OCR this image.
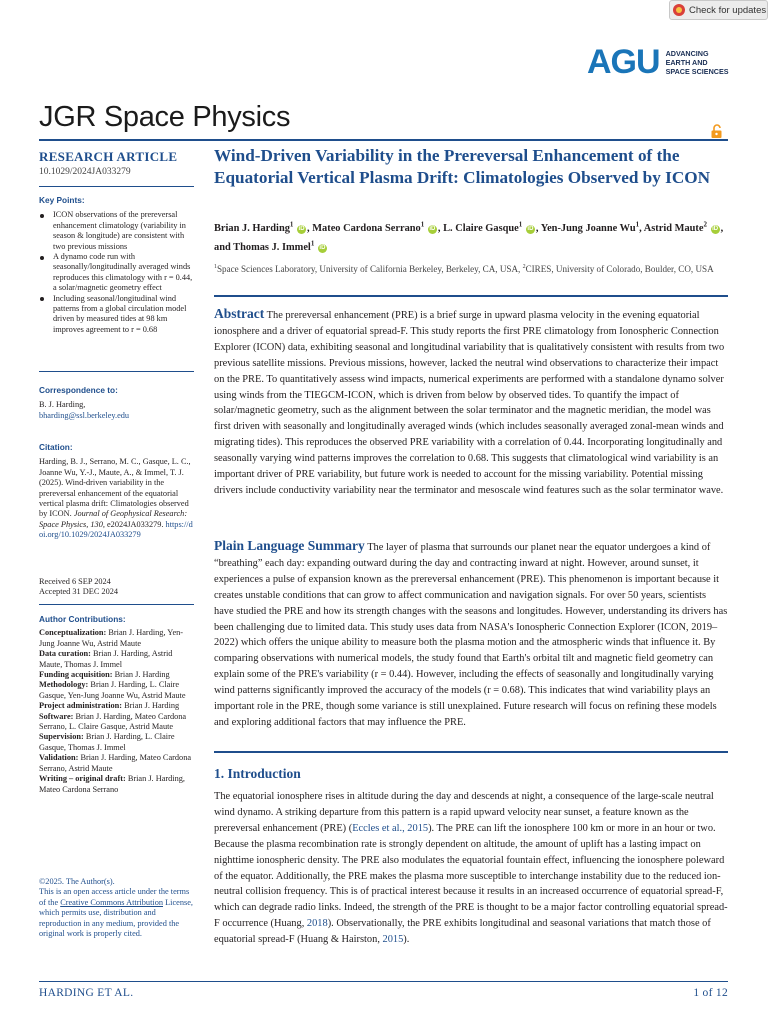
Check for updates
AGU ADVANCING
EARTH AND
SPACE SCIENCES
JGR Space Physics
RESEARCH ARTICLE
10.1029/2024JA033279
Key Points:
ICON observations of the prereversal enhancement climatology (variability in season & longitude) are consistent with two previous missions
A dynamo code run with seasonally/longitudinally averaged winds reproduces this climatology with r = 0.44, a solar/magnetic geometry effect
Including seasonal/longitudinal wind patterns from a global circulation model driven by measured tides at 98 km improves agreement to r = 0.68
Correspondence to:
B. J. Harding,
bharding@ssl.berkeley.edu
Citation:
Harding, B. J., Serrano, M. C., Gasque, L. C., Joanne Wu, Y.-J., Maute, A., & Immel, T. J. (2025). Wind-driven variability in the prereversal enhancement of the equatorial vertical plasma drift: Climatologies observed by ICON. Journal of Geophysical Research: Space Physics, 130, e2024JA033279. https://doi.org/10.1029/2024JA033279
Received 6 SEP 2024
Accepted 31 DEC 2024
Author Contributions:
Conceptualization: Brian J. Harding, Yen-Jung Joanne Wu, Astrid Maute
Data curation: Brian J. Harding, Astrid Maute, Thomas J. Immel
Funding acquisition: Brian J. Harding
Methodology: Brian J. Harding, L. Claire Gasque, Yen-Jung Joanne Wu, Astrid Maute
Project administration: Brian J. Harding
Software: Brian J. Harding, Mateo Cardona Serrano, L. Claire Gasque, Astrid Maute
Supervision: Brian J. Harding, L. Claire Gasque, Thomas J. Immel
Validation: Brian J. Harding, Mateo Cardona Serrano, Astrid Maute
Writing – original draft: Brian J. Harding, Mateo Cardona Serrano
©2025. The Author(s).
This is an open access article under the terms of the Creative Commons Attribution License, which permits use, distribution and reproduction in any medium, provided the original work is properly cited.
Wind-Driven Variability in the Prereversal Enhancement of the Equatorial Vertical Plasma Drift: Climatologies Observed by ICON
Brian J. Harding$^1$ iD , Mateo Cardona Serrano$^1$ iD , L. Claire Gasque$^1$ iD , Yen-Jung Joanne Wu$^1$, Astrid Maute$^2$ iD , and Thomas J. Immel$^1$ iD
$^1$Space Sciences Laboratory, University of California Berkeley, Berkeley, CA, USA, $^2$CIRES, University of Colorado, Boulder, CO, USA
Abstract The prereversal enhancement (PRE) is a brief surge in upward plasma velocity in the evening equatorial ionosphere and a driver of equatorial spread-F. This study reports the first PRE climatology from Ionospheric Connection Explorer (ICON) data, exhibiting seasonal and longitudinal variability that is qualitatively consistent with results from two previous satellite missions. Previous missions, however, lacked the neutral wind observations to characterize their impact on the PRE. To quantitatively assess wind impacts, numerical experiments are performed with a standalone dynamo solver using winds from the TIEGCM-ICON, which is driven from below by observed tides. To quantify the impact of solar/magnetic geometry, such as the alignment between the solar terminator and the magnetic meridian, the model was first driven with seasonally and longitudinally averaged winds (which includes seasonally averaged zonal-mean winds and migrating tides). This reproduces the observed PRE variability with a correlation of 0.44. Incorporating longitudinally and seasonally varying wind patterns improves the correlation to 0.68. This suggests that climatological wind variability is an important driver of PRE variability, but future work is needed to account for the missing variability. Potential missing drivers include conductivity variability near the terminator and mesoscale wind features such as the solar terminator wave.
Plain Language Summary The layer of plasma that surrounds our planet near the equator undergoes a kind of “breathing” each day: expanding outward during the day and contracting inward at night. However, around sunset, it experiences a pulse of expansion known as the prereversal enhancement (PRE). This phenomenon is important because it creates unstable conditions that can grow to affect communication and navigation signals. For over 50 years, scientists have studied the PRE and how its strength changes with the seasons and longitudes. However, understanding its drivers has been challenging due to limited data. This study uses data from NASA's Ionospheric Connection Explorer (ICON, 2019–2022) which offers the unique ability to measure both the plasma motion and the atmospheric winds that influence it. By comparing observations with numerical models, the study found that Earth's orbital tilt and magnetic field geometry can explain some of the PRE's variability (r = 0.44). However, including the effects of seasonally and longitudinally varying wind patterns significantly improved the accuracy of the models (r = 0.68). This indicates that wind variability plays an important role in the PRE, though some variance is still unexplained. Future research will focus on refining these models and exploring additional factors that may influence the PRE.
1. Introduction
The equatorial ionosphere rises in altitude during the day and descends at night, a consequence of the large-scale neutral wind dynamo. A striking departure from this pattern is a rapid upward velocity near sunset, a feature known as the prereversal enhancement (PRE) (Eccles et al., 2015). The PRE can lift the ionosphere 100 km or more in an hour or two. Because the plasma recombination rate is strongly dependent on altitude, the amount of uplift has a lasting impact on nighttime ionospheric density. The PRE also modulates the equatorial fountain effect, influencing the ionosphere poleward of the equator. Additionally, the PRE makes the plasma more susceptible to interchange instability due to the reduced ion-neutral collision frequency. This is of practical interest because it results in an increased occurrence of equatorial spread-F, which can degrade radio links. Indeed, the strength of the PRE is thought to be a major factor controlling equatorial spread-F occurrence (Huang, 2018). Observationally, the PRE exhibits longitudinal and seasonal variations that match those of equatorial spread-F (Huang & Hairston, 2015).
HARDING ET AL.	1 of 12
